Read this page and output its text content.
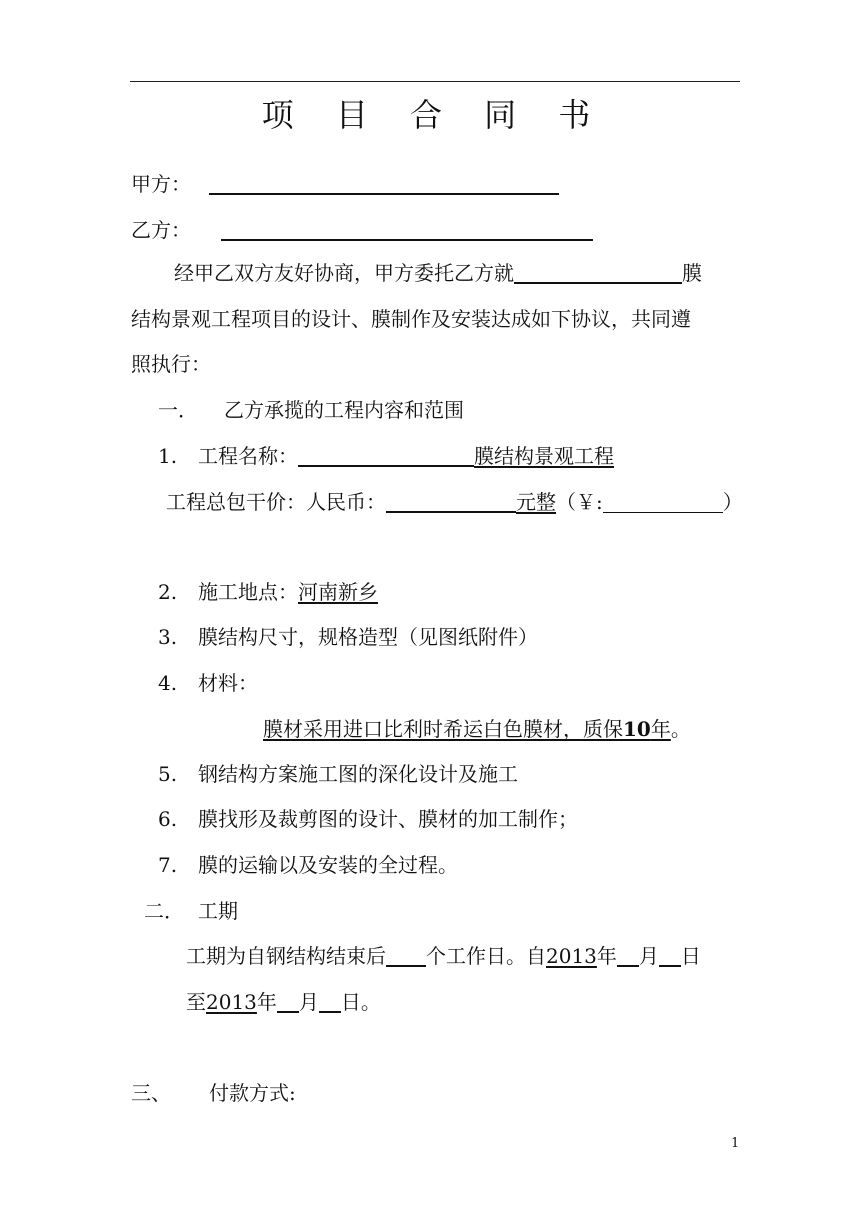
项 目 合 同 书
甲方：
乙方：
经甲乙双方友好协商，甲方委托乙方就	膜
结构景观工程项目的设计、膜制作及安装达成如下协议，共同遵
照执行：
一． 乙方承揽的工程内容和范围
1. 工程名称：	膜结构景观工程
工程总包干价：人民币：	元整（￥:	）
2. 施工地点：河南新乡
3. 膜结构尺寸，规格造型（见图纸附件）
4. 材料：
膜材采用进口比利时希运白色膜材，质保10年。
5. 钢结构方案施工图的深化设计及施工
6. 膜找形及裁剪图的设计、膜材的加工制作；
7. 膜的运输以及安装的全过程。
二． 工期
工期为自钢结构结束后 个工作日。自2013年 月 日
至2013年 月 日。
三、 付款方式:
1
